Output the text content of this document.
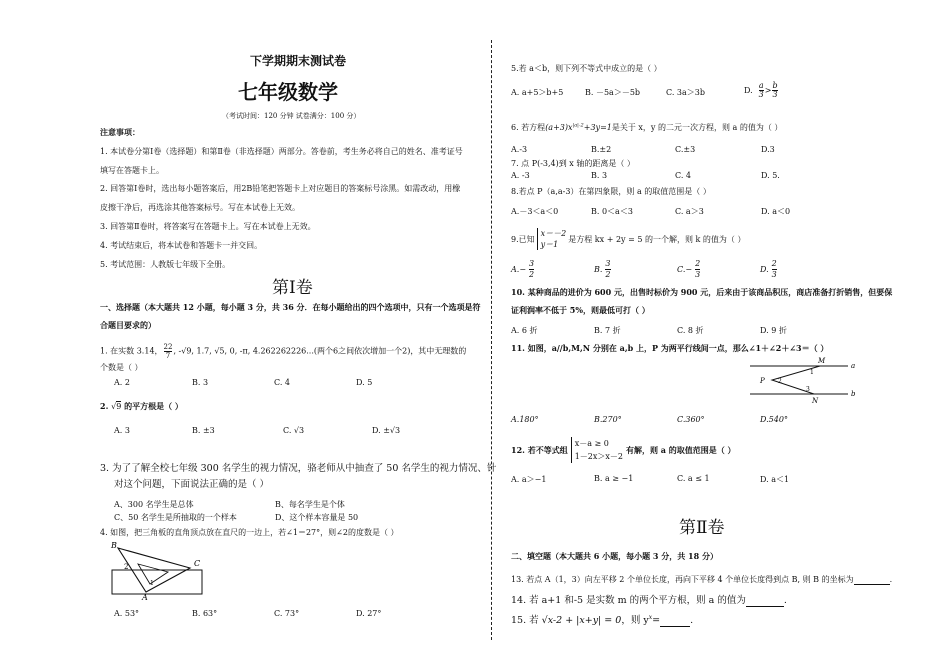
下学期期末测试卷
七年级数学
（考试时间：120 分钟 试卷满分：100 分）
注意事项：
1. 本试卷分第Ⅰ卷（选择题）和第Ⅱ卷（非选择题）两部分。答卷前，考生务必将自己的姓名、准考证号
填写在答题卡上。
2. 回答第Ⅰ卷时，选出每小题答案后，用2B铅笔把答题卡上对应题目的答案标号涂黑。如需改动，用橡
皮擦干净后，再选涂其他答案标号。写在本试卷上无效。
3. 回答第Ⅱ卷时，将答案写在答题卡上。写在本试卷上无效。
4. 考试结束后，将本试卷和答题卡一并交回。
5. 考试范围：人教版七年级下全册。
第Ⅰ卷
一、选择题（本大题共 12 小题，每小题 3 分，共 36 分．在每小题给出的四个选项中，只有一个选项是符
合题目要求的）
1. 在实数 3.14， $\frac{22}{7}$ , -√9, 1.7, √5, 0, -π, 4.262262226...(两个6之间依次增加一个2)，其中无理数的
个数是（ ）
A. 2	B. 3	C. 4	D. 5
2. √9 的平方根是（ ）
A. 3	B. ±3	C. √3	D. ±√3
3. 为了了解全校七年级 300 名学生的视力情况，骆老师从中抽查了 50 名学生的视力情况、针
对这个问题，下面说法正确的是（ ）
A、300 名学生是总体	B、每名学生是个体
C、50 名学生是所抽取的一个样本	D、这个样本容量是 50
4. 如图，把三角板的直角顶点放在直尺的一边上，若∠1＝27°，则∠2的度数是（ ）
B
C
A
1
2
A. 53°	B. 63°	C. 73°	D. 27°
5.若 a＜b，则下列不等式中成立的是（ ）
A. a+5＞b+5	B. －5a＞－5b	C. 3a＞3b	D. $\frac{a}{3} > \frac{b}{3}$
6. 若方程$(a+3)x^{|a|-2}+3y=1$是关于 x，y 的二元一次方程，则 a 的值为（ ）
A.-3	B.±2	C.±3	D.3
7. 点 P(-3,4)到 x 轴的距离是（ ）
A. -3	B. 3	C. 4	D. 5.
8.若点 P（a,a-3）在第四象限，则 a 的取值范围是（ ）
A.－3＜a＜0	B. 0＜a＜3	C. a＞3	D. a＜0
9.已知
x＝－2
y＝1
是方程 kx + 2y = 5 的一个解，则 k 的值为（ ）
A. − $\frac{3}{2}$	B. $\frac{3}{2}$	C. − $\frac{2}{3}$	D. $\frac{2}{3}$
10. 某种商品的进价为 600 元，出售时标价为 900 元，后来由于该商品积压，商店准备打折销售，但要保
证利润率不低于 5%，则最低可打（ ）
A. 6 折	B. 7 折	C. 8 折	D. 9 折
11. 如图，a//b,M,N 分别在 a,b 上，P 为两平行线间一点，那么∠1＋∠2＋∠3＝（ ）
M
a
P
1
2
3
N
b
A.180°	B.270°	C.360°	D.540°
12. 若不等式组
x－a ≥ 0
1－2x＞x－2
有解，则 a 的取值范围是（ ）
A. a＞−1	B. a ≥ −1	C. a ≤ 1	D. a＜1
第Ⅱ卷
二、填空题（本大题共 6 小题，每小题 3 分，共 18 分）
13. 若点 A（1，3）向左平移 2 个单位长度，再向下平移 4 个单位长度得到点 B, 则 B 的坐标为	.
14. 若 a+1 和-5 是实数 m 的两个平方根，则 a 的值为	.
15. 若 √x-2 + |x+y| = 0，则 $y^x=$	.
